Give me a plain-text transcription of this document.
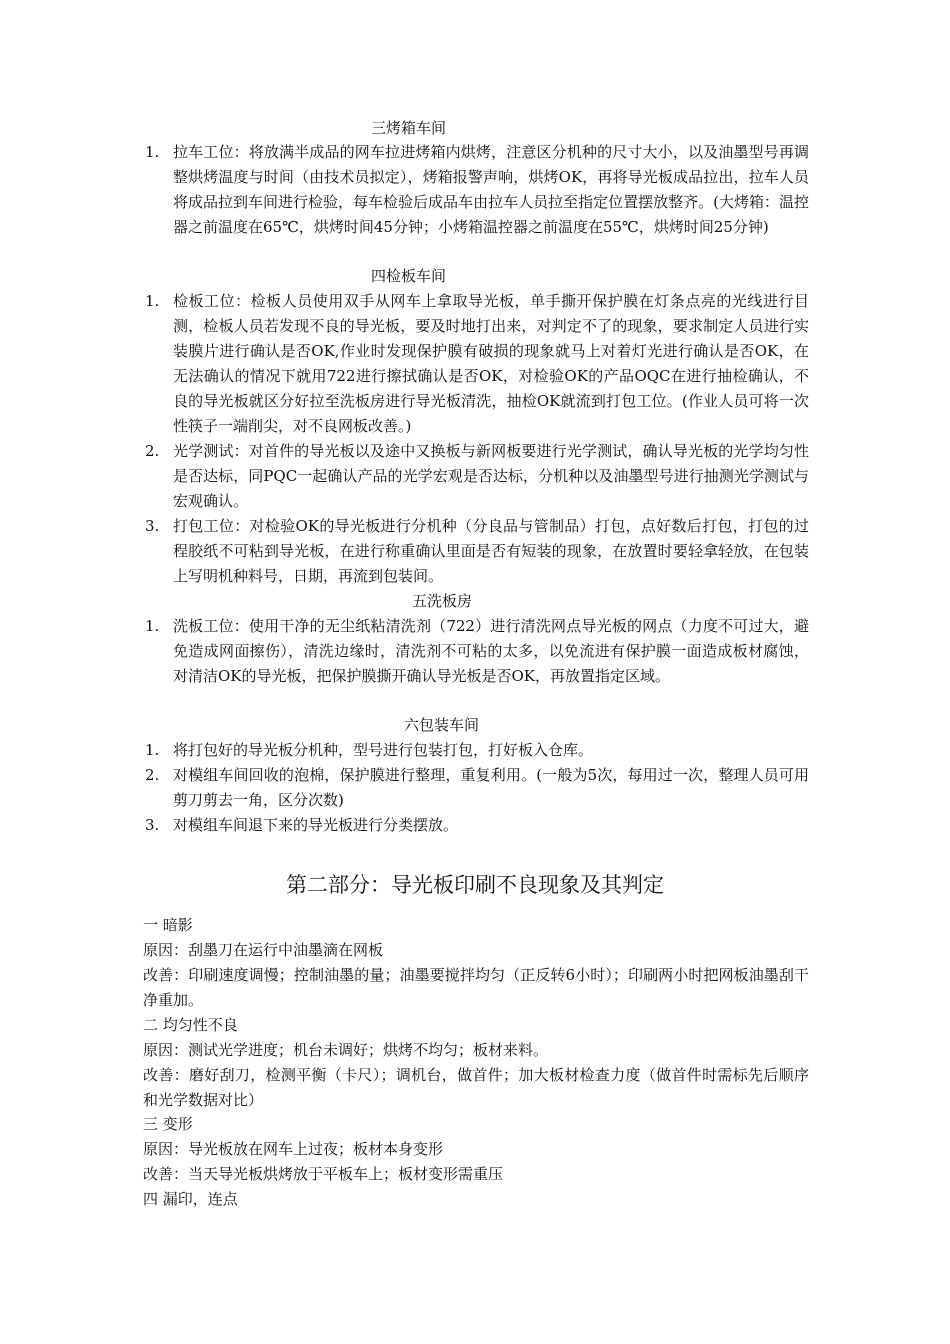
三烤箱车间
1. 拉车工位：将放满半成品的网车拉进烤箱内烘烤，注意区分机种的尺寸大小，以及油墨型号再调整烘烤温度与时间（由技术员拟定），烤箱报警声响，烘烤OK，再将导光板成品拉出，拉车人员将成品拉到车间进行检验，每车检验后成品车由拉车人员拉至指定位置摆放整齐。(大烤箱：温控器之前温度在65℃，烘烤时间45分钟；小烤箱温控器之前温度在55℃，烘烤时间25分钟)
四检板车间
1. 检板工位：检板人员使用双手从网车上拿取导光板，单手撕开保护膜在灯条点亮的光线进行目测，检板人员若发现不良的导光板，要及时地打出来，对判定不了的现象，要求制定人员进行实装膜片进行确认是否OK,作业时发现保护膜有破损的现象就马上对着灯光进行确认是否OK，在无法确认的情况下就用722进行擦拭确认是否OK，对检验OK的产品OQC在进行抽检确认，不良的导光板就区分好拉至洗板房进行导光板清洗，抽检OK就流到打包工位。(作业人员可将一次性筷子一端削尖，对不良网板改善。)
2. 光学测试：对首件的导光板以及途中又换板与新网板要进行光学测试，确认导光板的光学均匀性是否达标，同PQC一起确认产品的光学宏观是否达标，分机种以及油墨型号进行抽测光学测试与宏观确认。
3. 打包工位：对检验OK的导光板进行分机种（分良品与管制品）打包，点好数后打包，打包的过程胶纸不可粘到导光板，在进行称重确认里面是否有短装的现象，在放置时要轻拿轻放，在包装上写明机种料号，日期，再流到包装间。
五洗板房
1. 洗板工位：使用干净的无尘纸粘清洗剂（722）进行清洗网点导光板的网点（力度不可过大，避免造成网面擦伤），清洗边缘时，清洗剂不可粘的太多，以免流进有保护膜一面造成板材腐蚀，对清洁OK的导光板，把保护膜撕开确认导光板是否OK，再放置指定区域。
六包装车间
1. 将打包好的导光板分机种，型号进行包装打包，打好板入仓库。
2. 对模组车间回收的泡棉，保护膜进行整理，重复利用。(一般为5次，每用过一次，整理人员可用剪刀剪去一角，区分次数)
3. 对模组车间退下来的导光板进行分类摆放。
第二部分：导光板印刷不良现象及其判定

一 暗影

原因：刮墨刀在运行中油墨滴在网板

改善：印刷速度调慢；控制油墨的量；油墨要搅拌均匀（正反转6小时）；印刷两小时把网板油墨刮干净重加。

二 均匀性不良

原因：测试光学进度；机台未调好；烘烤不均匀；板材来料。

改善：磨好刮刀，检测平衡（卡尺）；调机台，做首件；加大板材检查力度（做首件时需标先后顺序和光学数据对比）

三 变形

原因：导光板放在网车上过夜；板材本身变形

改善：当天导光板烘烤放于平板车上；板材变形需重压

四 漏印，连点
